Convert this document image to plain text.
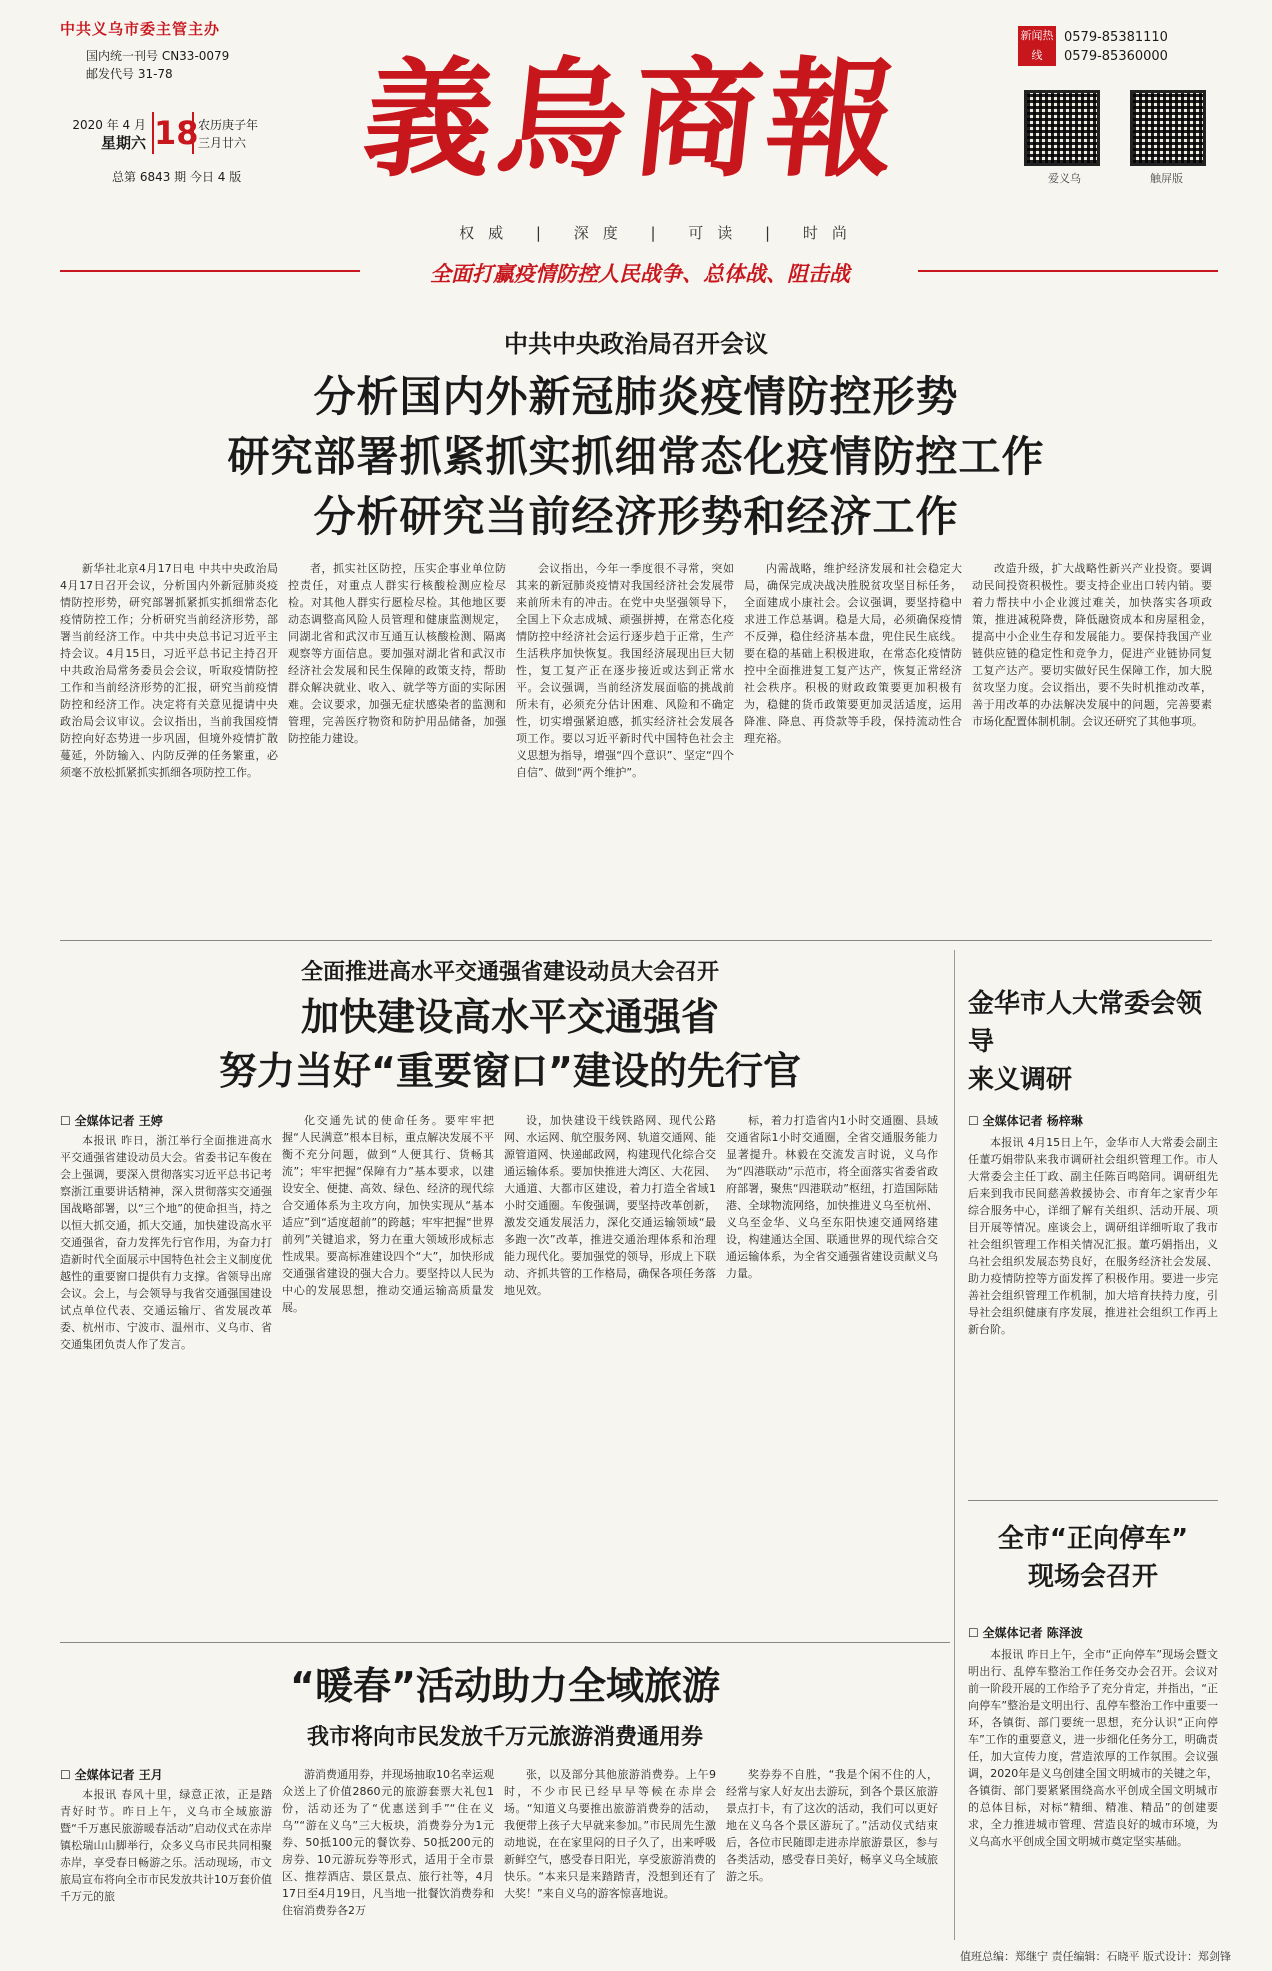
中共义乌市委主管主办
国内统一刊号 CN33-0079
邮发代号 31-78
2020 年 4 月
星期六 18 农历庚子年
三月廿六
总第 6843 期 今日 4 版 義烏商報
权威 | 深度 | 可读 | 时尚
全面打赢疫情防控人民战争、总体战、阻击战
新闻热线
0579-85381110
0579-85360000
爱义乌	触屏版
中共中央政治局召开会议
分析国内外新冠肺炎疫情防控形势
研究部署抓紧抓实抓细常态化疫情防控工作
分析研究当前经济形势和经济工作

新华社北京4月17日电 中共中央政治局4月17日召开会议，分析国内外新冠肺炎疫情防控形势，研究部署抓紧抓实抓细常态化疫情防控工作；分析研究当前经济形势，部署当前经济工作。中共中央总书记习近平主持会议。4月15日，习近平总书记主持召开中共政治局常务委员会会议，听取疫情防控工作和当前经济形势的汇报，研究当前疫情防控和经济工作。决定将有关意见提请中央政治局会议审议。会议指出，当前我国疫情防控向好态势进一步巩固，但境外疫情扩散蔓延，外防输入、内防反弹的任务繁重，必须毫不放松抓紧抓实抓细各项防控工作。

者，抓实社区防控，压实企事业单位防控责任，对重点人群实行核酸检测应检尽检。对其他人群实行愿检尽检。其他地区要动态调整高风险人员管理和健康监测规定，同湖北省和武汉市互通互认核酸检测、隔离观察等方面信息。要加强对湖北省和武汉市经济社会发展和民生保障的政策支持，帮助群众解决就业、收入、就学等方面的实际困难。会议要求，加强无症状感染者的监测和管理，完善医疗物资和防护用品储备，加强防控能力建设。

会议指出，今年一季度很不寻常，突如其来的新冠肺炎疫情对我国经济社会发展带来前所未有的冲击。在党中央坚强领导下，全国上下众志成城、顽强拼搏，在常态化疫情防控中经济社会运行逐步趋于正常，生产生活秩序加快恢复。我国经济展现出巨大韧性，复工复产正在逐步接近或达到正常水平。会议强调，当前经济发展面临的挑战前所未有，必须充分估计困难、风险和不确定性，切实增强紧迫感，抓实经济社会发展各项工作。要以习近平新时代中国特色社会主义思想为指导，增强“四个意识”、坚定“四个自信”、做到“两个维护”。

内需战略，维护经济发展和社会稳定大局，确保完成决战决胜脱贫攻坚目标任务，全面建成小康社会。会议强调，要坚持稳中求进工作总基调。稳是大局，必须确保疫情不反弹，稳住经济基本盘，兜住民生底线。要在稳的基础上积极进取，在常态化疫情防控中全面推进复工复产达产，恢复正常经济社会秩序。积极的财政政策要更加积极有为，稳健的货币政策要更加灵活适度，运用降准、降息、再贷款等手段，保持流动性合理充裕。

改造升级，扩大战略性新兴产业投资。要调动民间投资积极性。要支持企业出口转内销。要着力帮扶中小企业渡过难关，加快落实各项政策，推进减税降费，降低融资成本和房屋租金，提高中小企业生存和发展能力。要保持我国产业链供应链的稳定性和竞争力，促进产业链协同复工复产达产。要切实做好民生保障工作，加大脱贫攻坚力度。会议指出，要不失时机推动改革，善于用改革的办法解决发展中的问题，完善要素市场化配置体制机制。会议还研究了其他事项。

全面推进高水平交通强省建设动员大会召开
加快建设高水平交通强省
努力当好“重要窗口”建设的先行官
☐ 全媒体记者 王婷

本报讯 昨日，浙江举行全面推进高水平交通强省建设动员大会。省委书记车俊在会上强调，要深入贯彻落实习近平总书记考察浙江重要讲话精神，深入贯彻落实交通强国战略部署，以“三个地”的使命担当，持之以恒大抓交通，抓大交通，加快建设高水平交通强省，奋力发挥先行官作用，为奋力打造新时代全面展示中国特色社会主义制度优越性的重要窗口提供有力支撑。省领导出席会议。会上，与会领导与我省交通强国建设试点单位代表、交通运输厅、省发展改革委、杭州市、宁波市、温州市、义乌市、省交通集团负责人作了发言。

化交通先试的使命任务。要牢牢把握“人民满意”根本目标，重点解决发展不平衡不充分问题，做到“人便其行、货畅其流”；牢牢把握“保障有力”基本要求，以建设安全、便捷、高效、绿色、经济的现代综合交通体系为主攻方向，加快实现从“基本适应”到“适度超前”的跨越；牢牢把握“世界前列”关键追求，努力在重大领域形成标志性成果。要高标准建设四个“大”，加快形成交通强省建设的强大合力。要坚持以人民为中心的发展思想，推动交通运输高质量发展。

设，加快建设干线铁路网、现代公路网、水运网、航空服务网、轨道交通网、能源管道网、快递邮政网，构建现代化综合交通运输体系。要加快推进大湾区、大花园、大通道、大都市区建设，着力打造全省域1小时交通圈。车俊强调，要坚持改革创新，激发交通发展活力，深化交通运输领域“最多跑一次”改革，推进交通治理体系和治理能力现代化。要加强党的领导，形成上下联动、齐抓共管的工作格局，确保各项任务落地见效。

标，着力打造省内1小时交通圈、县域交通省际1小时交通圈，全省交通服务能力显著提升。林毅在交流发言时说，义乌作为“四港联动”示范市，将全面落实省委省政府部署，聚焦“四港联动”枢纽，打造国际陆港、全球物流网络，加快推进义乌至杭州、义乌至金华、义乌至东阳快速交通网络建设，构建通达全国、联通世界的现代综合交通运输体系，为全省交通强省建设贡献义乌力量。

金华市人大常委会领导
来义调研
☐ 全媒体记者 杨梓琳

本报讯 4月15日上午，金华市人大常委会副主任董巧娟带队来我市调研社会组织管理工作。市人大常委会主任丁政、副主任陈百鸣陪同。调研组先后来到我市民间慈善救援协会、市育年之家青少年综合服务中心，详细了解有关组织、活动开展、项目开展等情况。座谈会上，调研组详细听取了我市社会组织管理工作相关情况汇报。董巧娟指出，义乌社会组织发展态势良好，在服务经济社会发展、助力疫情防控等方面发挥了积极作用。要进一步完善社会组织管理工作机制，加大培育扶持力度，引导社会组织健康有序发展，推进社会组织工作再上新台阶。

全市“正向停车”
现场会召开
☐ 全媒体记者 陈泽波

本报讯 昨日上午，全市“正向停车”现场会暨文明出行、乱停车整治工作任务交办会召开。会议对前一阶段开展的工作给予了充分肯定，并指出，“正向停车”整治是文明出行、乱停车整治工作中重要一环，各镇街、部门要统一思想，充分认识“正向停车”工作的重要意义，进一步细化任务分工，明确责任，加大宣传力度，营造浓厚的工作氛围。会议强调，2020年是义乌创建全国文明城市的关键之年，各镇街、部门要紧紧围绕高水平创成全国文明城市的总体目标，对标“精细、精准、精品”的创建要求，全力推进城市管理、营造良好的城市环境，为义乌高水平创成全国文明城市奠定坚实基础。

“暖春”活动助力全域旅游
我市将向市民发放千万元旅游消费通用券
☐ 全媒体记者 王月

本报讯 春风十里，绿意正浓，正是踏青好时节。昨日上午，义乌市全域旅游暨“千万惠民旅游暖春活动”启动仪式在赤岸镇松瑞山山脚举行，众多义乌市民共同相聚赤岸，享受春日畅游之乐。活动现场，市文旅局宣布将向全市市民发放共计10万套价值千万元的旅

游消费通用券，并现场抽取10名幸运观众送上了价值2860元的旅游套票大礼包1份，活动还为了“优惠送到手”“住在义乌”“游在义乌”三大板块，消费券分为1元券、50抵100元的餐饮券、50抵200元的房券、10元游玩券等形式，适用于全市景区、推荐酒店、景区景点、旅行社等，4月17日至4月19日，凡当地一批餐饮消费券和住宿消费券各2万

张，以及部分其他旅游消费券。上午9时，不少市民已经早早等候在赤岸会场。“知道义乌要推出旅游消费券的活动，我便带上孩子大早就来参加。”市民周先生激动地说，在在家里闷的日子久了，出来呼吸新鲜空气，感受春日阳光，享受旅游消费的快乐。“本来只是来踏踏青，没想到还有了大奖！”来自义乌的游客惊喜地说。

奖券券不自胜，“我是个闲不住的人，经常与家人好友出去游玩，到各个景区旅游景点打卡，有了这次的活动，我们可以更好地在义乌各个景区游玩了。”活动仪式结束后，各位市民随即走进赤岸旅游景区，参与各类活动，感受春日美好，畅享义乌全域旅游之乐。

值班总编：郑继宁 责任编辑：石晓平 版式设计：郑剑锋
